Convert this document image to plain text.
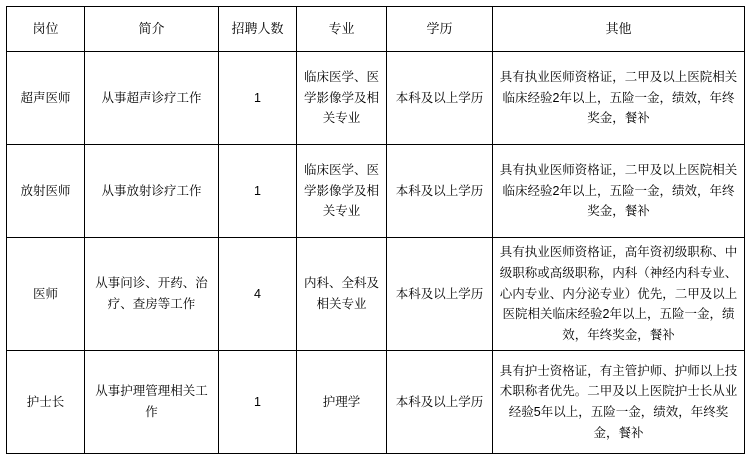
岗位	简介	招聘人数	专业	学历	其他
超声医师	从事超声诊疗工作	1	临床医学、医学影像学及相关专业	本科及以上学历	具有执业医师资格证，二甲及以上医院相关临床经验2年以上，五险一金，绩效，年终奖金，餐补
放射医师	从事放射诊疗工作	1	临床医学、医学影像学及相关专业	本科及以上学历	具有执业医师资格证，二甲及以上医院相关临床经验2年以上，五险一金，绩效，年终奖金，餐补
医师	从事问诊、开药、治疗、查房等工作	4	内科、全科及相关专业	本科及以上学历	具有执业医师资格证，高年资初级职称、中级职称或高级职称，内科（神经内科专业、心内专业、内分泌专业）优先，二甲及以上医院相关临床经验2年以上，五险一金，绩效，年终奖金，餐补
护士长	从事护理管理相关工作	1	护理学	本科及以上学历	具有护士资格证，有主管护师、护师以上技术职称者优先。二甲及以上医院护士长从业经验5年以上，五险一金，绩效，年终奖金，餐补
